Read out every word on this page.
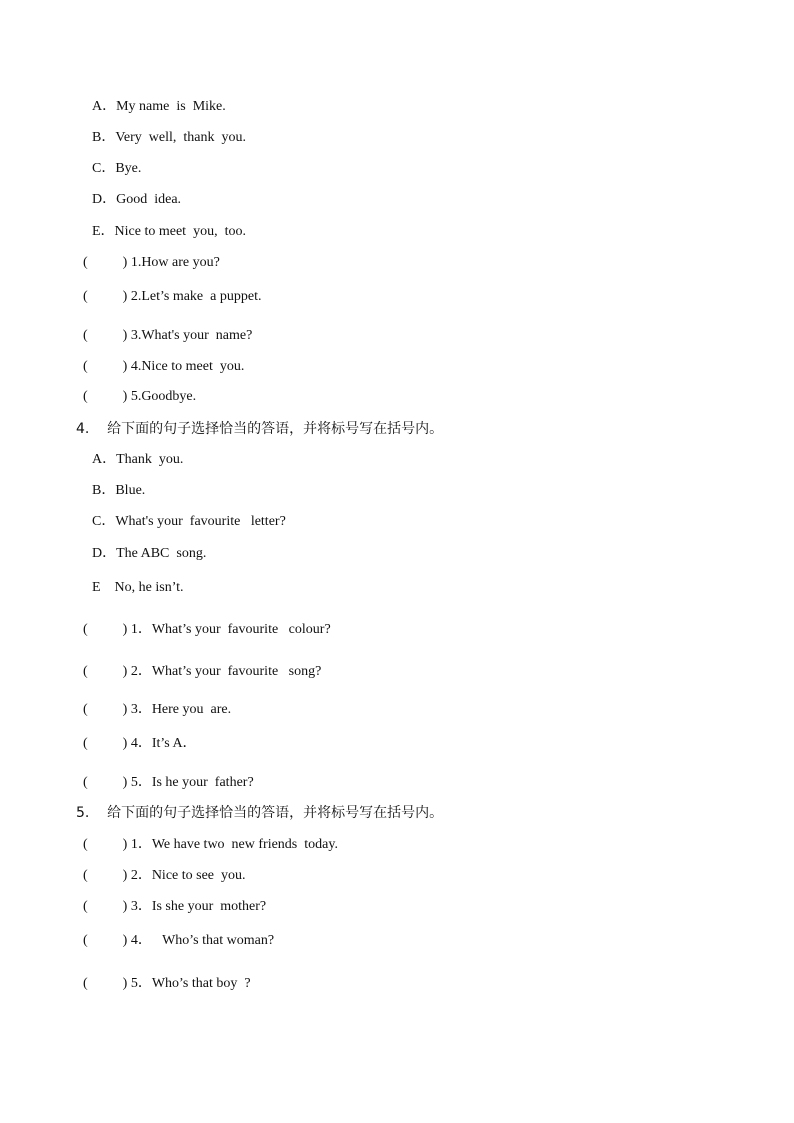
A．My name  is  Mike.
B．Very  well,  thank  you.
C．Bye.
D．Good  idea.
E．Nice to meet  you,  too.
(          ) 1.How are you?
(          ) 2.Let’s make  a puppet.
(          ) 3.What's your  name?
(          ) 4.Nice to meet  you.
(          ) 5.Goodbye.
4.    给下面的句子选择恰当的答语，并将标号写在括号内。
A．Thank  you.
B．Blue.
C．What's your  favourite   letter?
D．The ABC  song.
E    No, he isn’t.
(          ) 1．What’s your  favourite   colour?
(          ) 2．What’s your  favourite   song?
(          ) 3．Here you  are.
(          ) 4．It’s A．
(          ) 5．Is he your  father?
5.    给下面的句子选择恰当的答语，并将标号写在括号内。
(          ) 1．We have two  new friends  today.
(          ) 2．Nice to see  you.
(          ) 3．Is she your  mother?
(          ) 4．   Who’s that woman?
(          ) 5．Who’s that boy  ?
